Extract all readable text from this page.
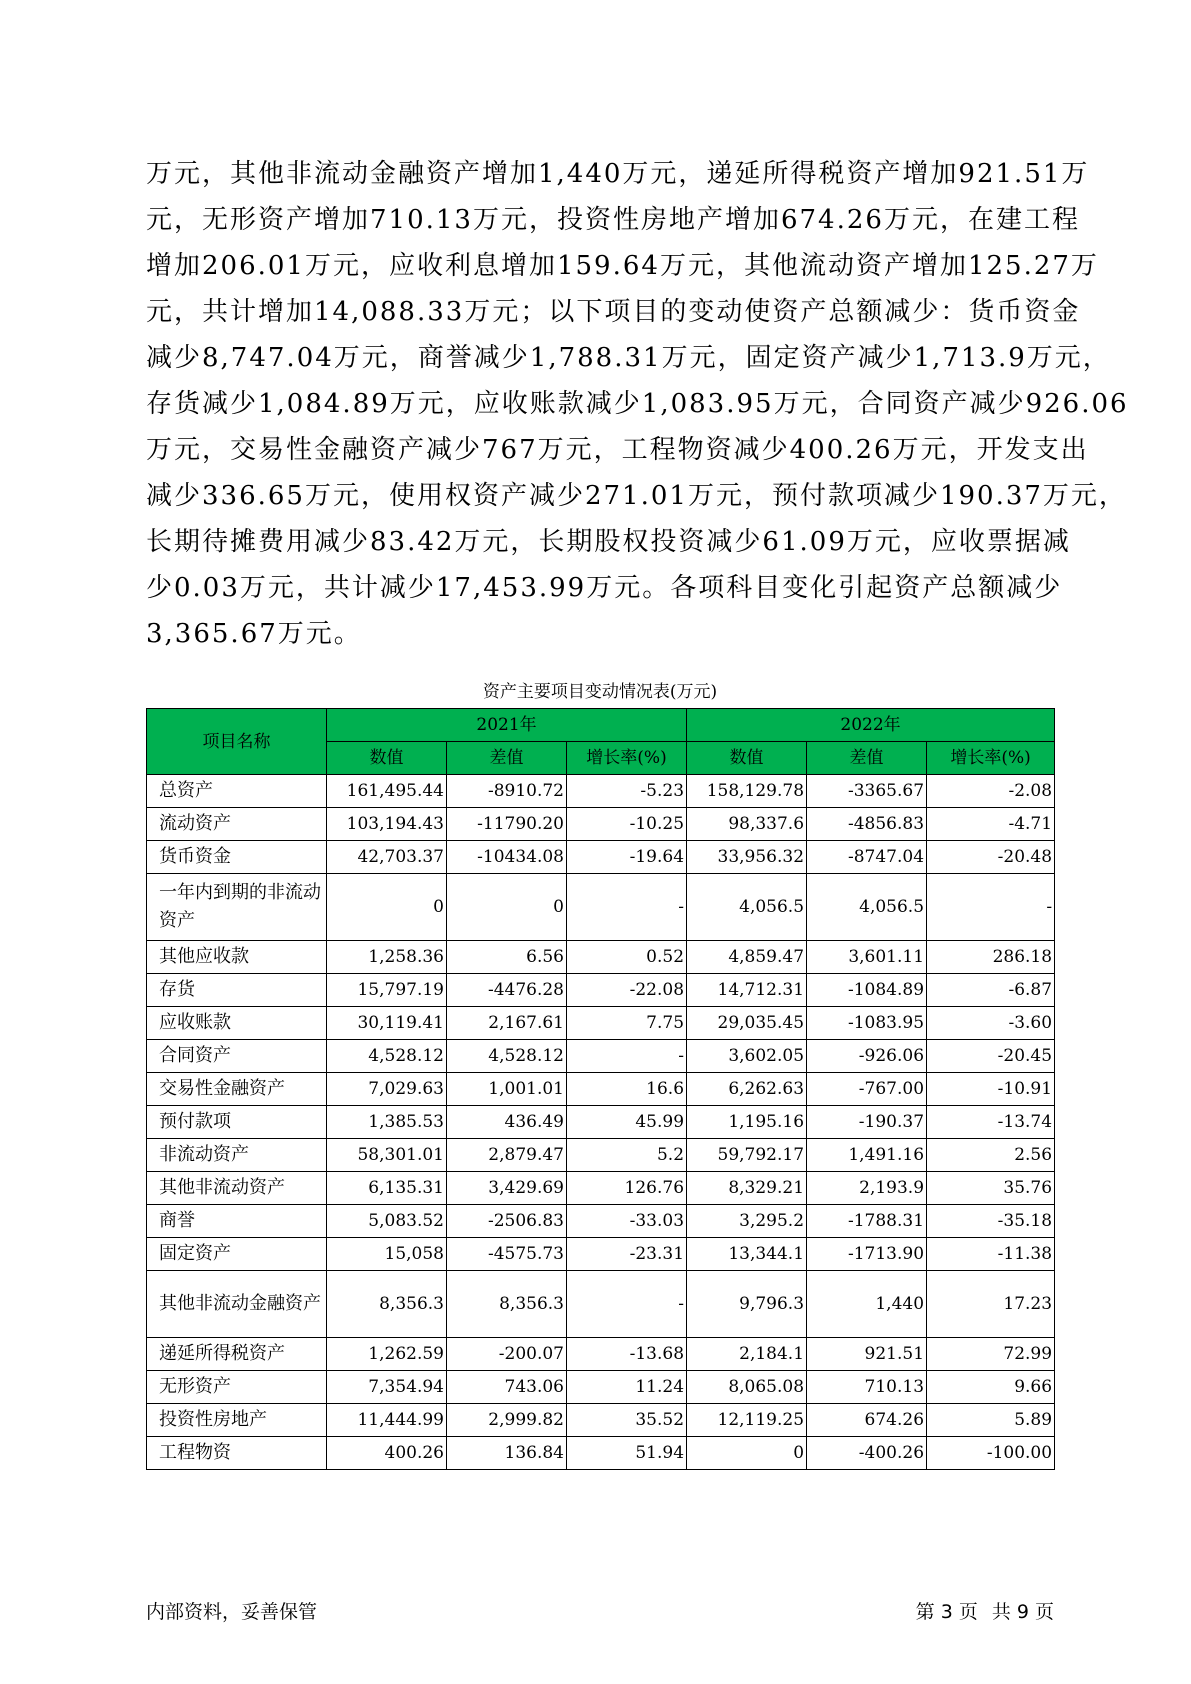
万元，其他非流动金融资产增加1,440万元，递延所得税资产增加921.51万
元，无形资产增加710.13万元，投资性房地产增加674.26万元，在建工程
增加206.01万元，应收利息增加159.64万元，其他流动资产增加125.27万
元，共计增加14,088.33万元；以下项目的变动使资产总额减少：货币资金
减少8,747.04万元，商誉减少1,788.31万元，固定资产减少1,713.9万元，
存货减少1,084.89万元，应收账款减少1,083.95万元，合同资产减少926.06
万元，交易性金融资产减少767万元，工程物资减少400.26万元，开发支出
减少336.65万元，使用权资产减少271.01万元，预付款项减少190.37万元，
长期待摊费用减少83.42万元，长期股权投资减少61.09万元，应收票据减
少0.03万元，共计减少17,453.99万元。各项科目变化引起资产总额减少
3,365.67万元。
资产主要项目变动情况表(万元)
项目名称	2021年			2022年		
	数值	差值	增长率(%)	数值	差值	增长率(%)
总资产	161,495.44	-8910.72	-5.23	158,129.78	-3365.67	-2.08
流动资产	103,194.43	-11790.20	-10.25	98,337.6	-4856.83	-4.71
货币资金	42,703.37	-10434.08	-19.64	33,956.32	-8747.04	-20.48
一年内到期的非流动资产	0	0	-	4,056.5	4,056.5	-
其他应收款	1,258.36	6.56	0.52	4,859.47	3,601.11	286.18
存货	15,797.19	-4476.28	-22.08	14,712.31	-1084.89	-6.87
应收账款	30,119.41	2,167.61	7.75	29,035.45	-1083.95	-3.60
合同资产	4,528.12	4,528.12	-	3,602.05	-926.06	-20.45
交易性金融资产	7,029.63	1,001.01	16.6	6,262.63	-767.00	-10.91
预付款项	1,385.53	436.49	45.99	1,195.16	-190.37	-13.74
非流动资产	58,301.01	2,879.47	5.2	59,792.17	1,491.16	2.56
其他非流动资产	6,135.31	3,429.69	126.76	8,329.21	2,193.9	35.76
商誉	5,083.52	-2506.83	-33.03	3,295.2	-1788.31	-35.18
固定资产	15,058	-4575.73	-23.31	13,344.1	-1713.90	-11.38
其他非流动金融资产	8,356.3	8,356.3	-	9,796.3	1,440	17.23
递延所得税资产	1,262.59	-200.07	-13.68	2,184.1	921.51	72.99
无形资产	7,354.94	743.06	11.24	8,065.08	710.13	9.66
投资性房地产	11,444.99	2,999.82	35.52	12,119.25	674.26	5.89
工程物资	400.26	136.84	51.94	0	-400.26	-100.00
内部资料，妥善保管	第 3 页 共 9 页
